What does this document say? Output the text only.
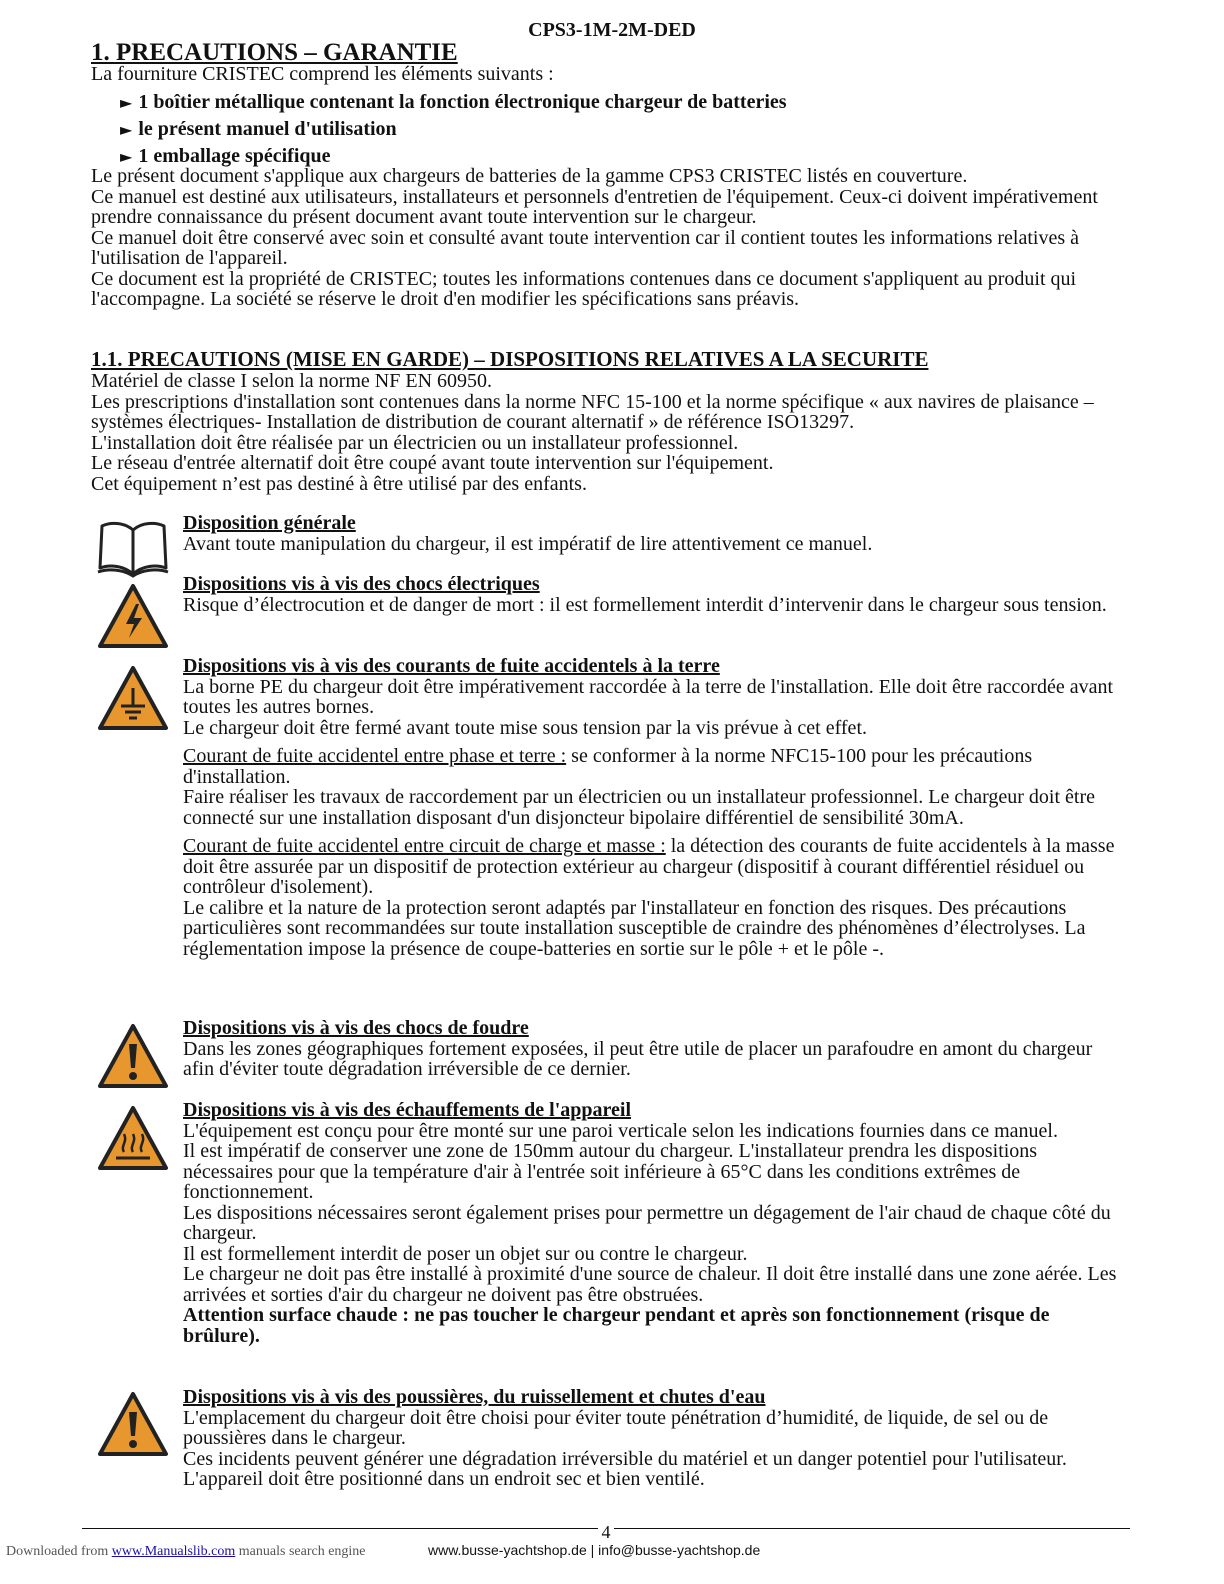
CPS3-1M-2M-DED
1. PRECAUTIONS – GARANTIE
La fourniture CRISTEC comprend les éléments suivants :
► 1 boîtier métallique contenant la fonction électronique chargeur de batteries
► le présent manuel d'utilisation
► 1 emballage spécifique

Le présent document s'applique aux chargeurs de batteries de la gamme CPS3 CRISTEC listés en couverture.

Ce manuel est destiné aux utilisateurs, installateurs et personnels d'entretien de l'équipement. Ceux-ci doivent impérativement prendre connaissance du présent document avant toute intervention sur le chargeur.

Ce manuel doit être conservé avec soin et consulté avant toute intervention car il contient toutes les informations relatives à l'utilisation de l'appareil.

Ce document est la propriété de CRISTEC; toutes les informations contenues dans ce document s'appliquent au produit qui l'accompagne. La société se réserve le droit d'en modifier les spécifications sans préavis.

1.1. PRECAUTIONS (MISE EN GARDE) – DISPOSITIONS RELATIVES A LA SECURITE

Matériel de classe I selon la norme NF EN 60950.

Les prescriptions d'installation sont contenues dans la norme NFC 15-100 et la norme spécifique « aux navires de plaisance – systèmes électriques- Installation de distribution de courant alternatif » de référence ISO13297.

L'installation doit être réalisée par un électricien ou un installateur professionnel.

Le réseau d'entrée alternatif doit être coupé avant toute intervention sur l'équipement.

Cet équipement n’est pas destiné à être utilisé par des enfants.

Disposition générale
Avant toute manipulation du chargeur, il est impératif de lire attentivement ce manuel.
Dispositions vis à vis des chocs électriques
Risque d’électrocution et de danger de mort : il est formellement interdit d’intervenir dans le chargeur sous tension.
Dispositions vis à vis des courants de fuite accidentels à la terre
La borne PE du chargeur doit être impérativement raccordée à la terre de l'installation. Elle doit être raccordée avant toutes les autres bornes.
Le chargeur doit être fermé avant toute mise sous tension par la vis prévue à cet effet.
Courant de fuite accidentel entre phase et terre : se conformer à la norme NFC15-100 pour les précautions d'installation.
Faire réaliser les travaux de raccordement par un électricien ou un installateur professionnel. Le chargeur doit être connecté sur une installation disposant d'un disjoncteur bipolaire différentiel de sensibilité 30mA.
Courant de fuite accidentel entre circuit de charge et masse : la détection des courants de fuite accidentels à la masse doit être assurée par un dispositif de protection extérieur au chargeur (dispositif à courant différentiel résiduel ou contrôleur d'isolement).
Le calibre et la nature de la protection seront adaptés par l'installateur en fonction des risques. Des précautions particulières sont recommandées sur toute installation susceptible de craindre des phénomènes d’électrolyses. La réglementation impose la présence de coupe-batteries en sortie sur le pôle + et le pôle -.
Dispositions vis à vis des chocs de foudre
Dans les zones géographiques fortement exposées, il peut être utile de placer un parafoudre en amont du chargeur afin d'éviter toute dégradation irréversible de ce dernier.
Dispositions vis à vis des échauffements de l'appareil
L'équipement est conçu pour être monté sur une paroi verticale selon les indications fournies dans ce manuel.
Il est impératif de conserver une zone de 150mm autour du chargeur. L'installateur prendra les dispositions nécessaires pour que la température d'air à l'entrée soit inférieure à 65°C dans les conditions extrêmes de fonctionnement.
Les dispositions nécessaires seront également prises pour permettre un dégagement de l'air chaud de chaque côté du chargeur.
Il est formellement interdit de poser un objet sur ou contre le chargeur.
Le chargeur ne doit pas être installé à proximité d'une source de chaleur. Il doit être installé dans une zone aérée. Les arrivées et sorties d'air du chargeur ne doivent pas être obstruées.
Attention surface chaude : ne pas toucher le chargeur pendant et après son fonctionnement (risque de brûlure).
Dispositions vis à vis des poussières, du ruissellement et chutes d'eau
L'emplacement du chargeur doit être choisi pour éviter toute pénétration d’humidité, de liquide, de sel ou de poussières dans le chargeur.
Ces incidents peuvent générer une dégradation irréversible du matériel et un danger potentiel pour l'utilisateur.
L'appareil doit être positionné dans un endroit sec et bien ventilé.
4
Downloaded from www.Manualslib.com manuals search engine	www.busse-yachtshop.de | info@busse-yachtshop.de
